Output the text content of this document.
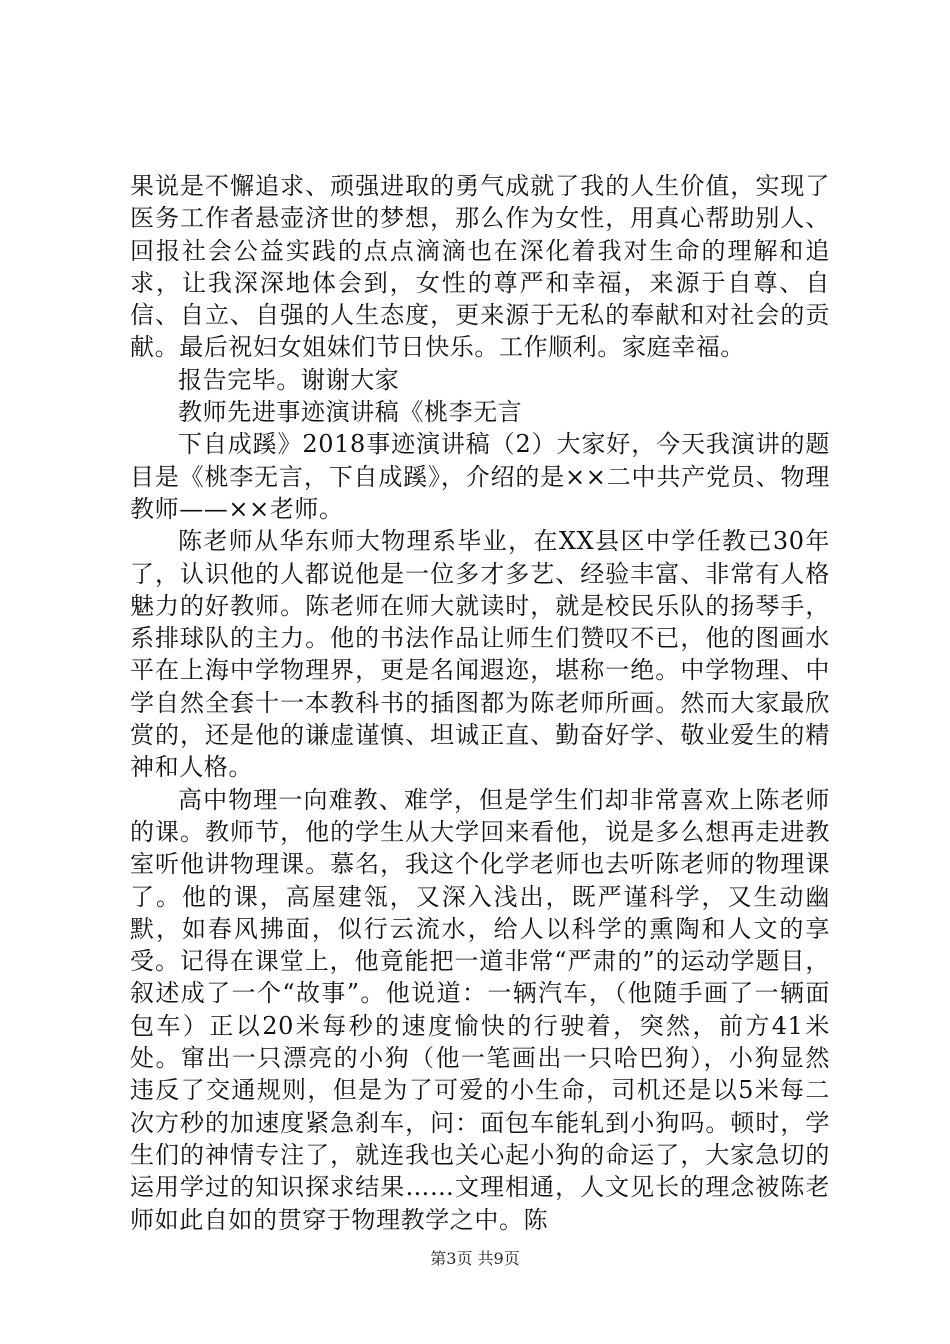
果说是不懈追求、顽强进取的勇气成就了我的人生价值，实现了医务工作者悬壶济世的梦想，那么作为女性，用真心帮助别人、回报社会公益实践的点点滴滴也在深化着我对生命的理解和追求，让我深深地体会到，女性的尊严和幸福，来源于自尊、自信、自立、自强的人生态度，更来源于无私的奉献和对社会的贡献。最后祝妇女姐妹们节日快乐。工作顺利。家庭幸福。

报告完毕。谢谢大家

教师先进事迹演讲稿《桃李无言

下自成蹊》2018事迹演讲稿（2）大家好，今天我演讲的题目是《桃李无言，下自成蹊》，介绍的是××二中共产党员、物理教师——××老师。

陈老师从华东师大物理系毕业，在XX县区中学任教已30年了，认识他的人都说他是一位多才多艺、经验丰富、非常有人格魅力的好教师。陈老师在师大就读时，就是校民乐队的扬琴手，系排球队的主力。他的书法作品让师生们赞叹不已，他的图画水平在上海中学物理界，更是名闻遐迩，堪称一绝。中学物理、中学自然全套十一本教科书的插图都为陈老师所画。然而大家最欣赏的，还是他的谦虚谨慎、坦诚正直、勤奋好学、敬业爱生的精神和人格。

高中物理一向难教、难学，但是学生们却非常喜欢上陈老师的课。教师节，他的学生从大学回来看他，说是多么想再走进教室听他讲物理课。慕名，我这个化学老师也去听陈老师的物理课了。他的课，高屋建瓴，又深入浅出，既严谨科学，又生动幽默，如春风拂面，似行云流水，给人以科学的熏陶和人文的享受。记得在课堂上，他竟能把一道非常“严肃的”的运动学题目，叙述成了一个“故事”。他说道：一辆汽车，（他随手画了一辆面包车）正以20米每秒的速度愉快的行驶着，突然，前方41米处。窜出一只漂亮的小狗（他一笔画出一只哈巴狗），小狗显然违反了交通规则，但是为了可爱的小生命，司机还是以5米每二次方秒的加速度紧急刹车，问：面包车能轧到小狗吗。顿时，学生们的神情专注了，就连我也关心起小狗的命运了，大家急切的运用学过的知识探求结果……文理相通，人文见长的理念被陈老师如此自如的贯穿于物理教学之中。陈

第3页 共9页
